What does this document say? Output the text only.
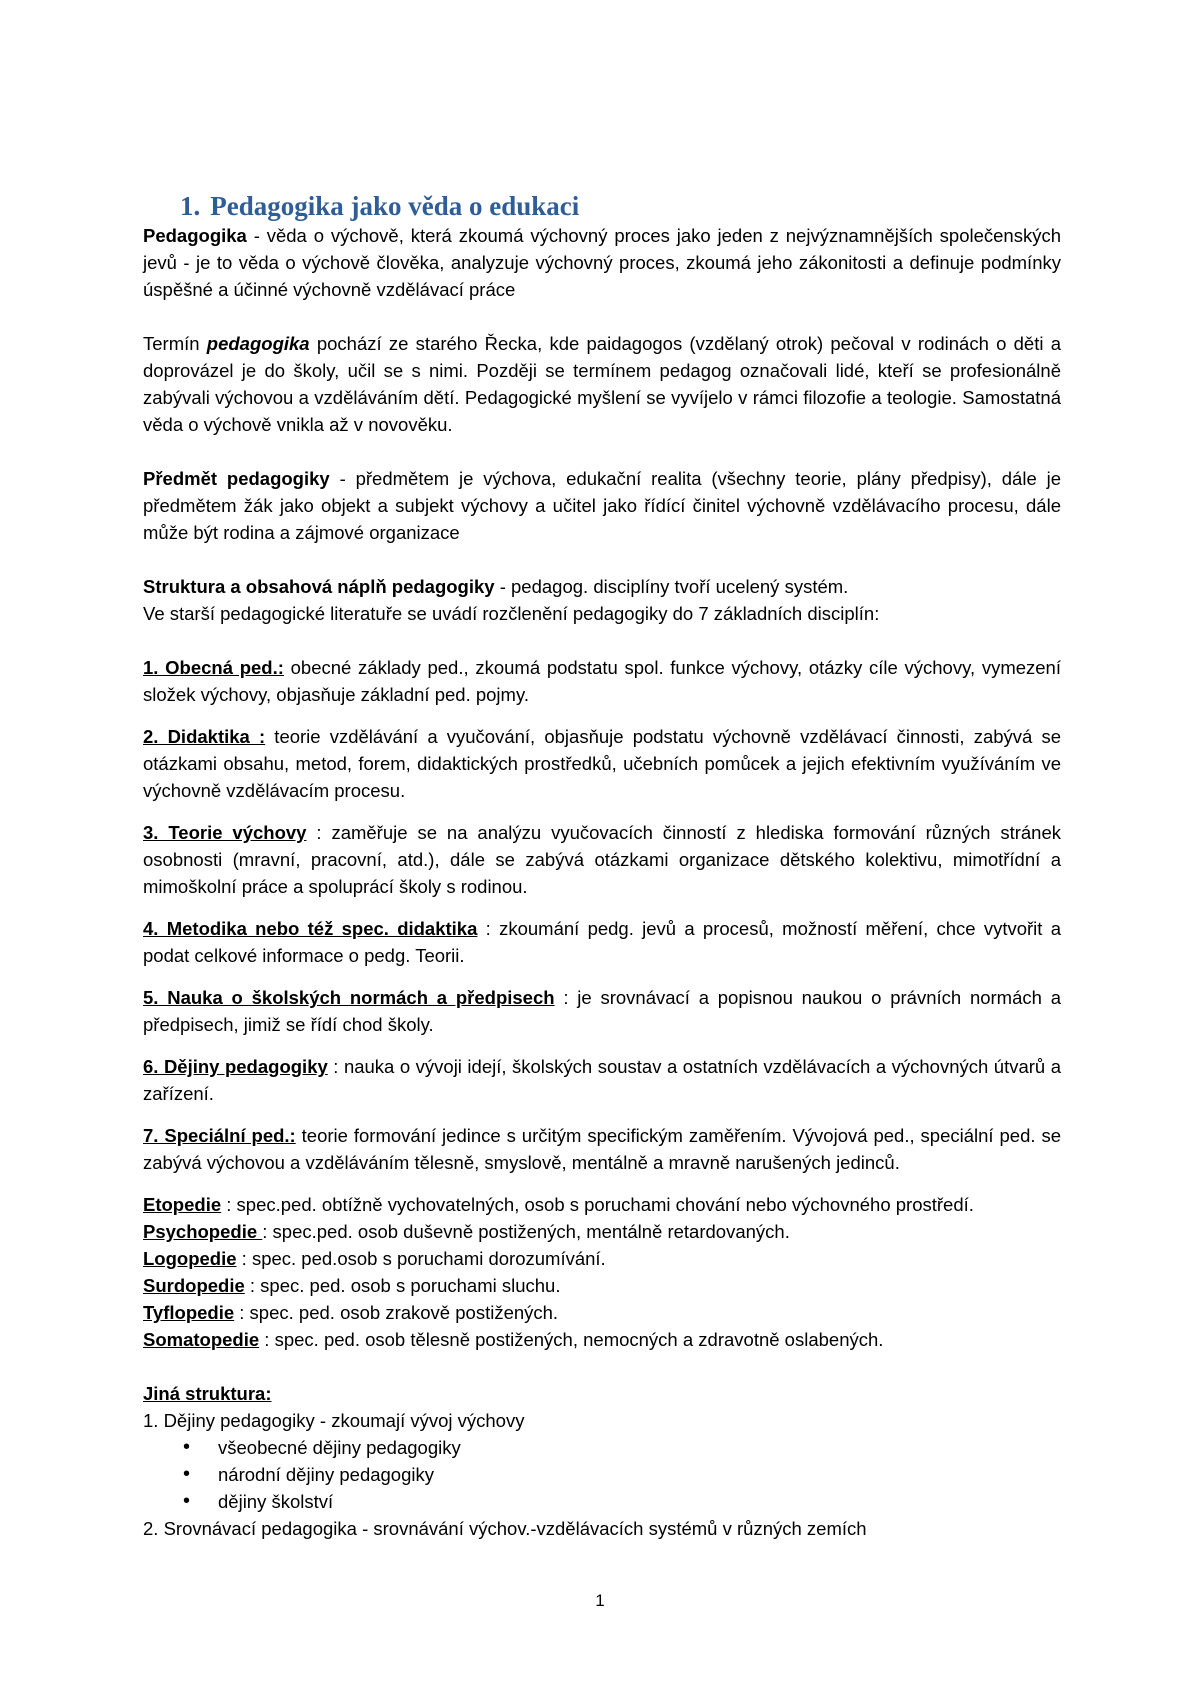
1. Pedagogika jako věda o edukaci

Pedagogika - věda o výchově, která zkoumá výchovný proces jako jeden z nejvýznamnějších společenských jevů - je to věda o výchově člověka, analyzuje výchovný proces, zkoumá jeho zákonitosti a definuje podmínky úspěšné a účinné výchovně vzdělávací práce

Termín pedagogika pochází ze starého Řecka, kde paidagogos (vzdělaný otrok) pečoval v rodinách o děti a doprovázel je do školy, učil se s nimi. Později se termínem pedagog označovali lidé, kteří se profesionálně zabývali výchovou a vzděláváním dětí. Pedagogické myšlení se vyvíjelo v rámci filozofie a teologie. Samostatná věda o výchově vnikla až v novověku.

Předmět pedagogiky - předmětem je výchova, edukační realita (všechny teorie, plány předpisy), dále je předmětem žák jako objekt a subjekt výchovy a učitel jako řídící činitel výchovně vzdělávacího procesu, dále může být rodina a zájmové organizace

Struktura a obsahová náplň pedagogiky - pedagog. disciplíny tvoří ucelený systém.

Ve starší pedagogické literatuře se uvádí rozčlenění pedagogiky do 7 základních disciplín:

1. Obecná ped.: obecné základy ped., zkoumá podstatu spol. funkce výchovy, otázky cíle výchovy, vymezení složek výchovy, objasňuje základní ped. pojmy.

2. Didaktika : teorie vzdělávání a vyučování, objasňuje podstatu výchovně vzdělávací činnosti, zabývá se otázkami obsahu, metod, forem, didaktických prostředků, učebních pomůcek a jejich efektivním využíváním ve výchovně vzdělávacím procesu.

3. Teorie výchovy : zaměřuje se na analýzu vyučovacích činností z hlediska formování různých stránek osobnosti (mravní, pracovní, atd.), dále se zabývá otázkami organizace dětského kolektivu, mimotřídní a mimoškolní práce a spoluprácí školy s rodinou.

4. Metodika nebo též spec. didaktika : zkoumání pedg. jevů a procesů, možností měření, chce vytvořit a podat celkové informace o pedg. Teorii.

5. Nauka o školských normách a předpisech : je srovnávací a popisnou naukou o právních normách a předpisech, jimiž se řídí chod školy.

6. Dějiny pedagogiky : nauka o vývoji idejí, školských soustav a ostatních vzdělávacích a výchovných útvarů a zařízení.

7. Speciální ped.: teorie formování jedince s určitým specifickým zaměřením. Vývojová ped., speciální ped. se zabývá výchovou a vzděláváním tělesně, smyslově, mentálně a mravně narušených jedinců.

Etopedie : spec.ped. obtížně vychovatelných, osob s poruchami chování nebo výchovného prostředí.

Psychopedie : spec.ped. osob duševně postižených, mentálně retardovaných.

Logopedie : spec. ped.osob s poruchami dorozumívání.

Surdopedie : spec. ped. osob s poruchami sluchu.

Tyflopedie : spec. ped. osob zrakově postižených.

Somatopedie : spec. ped. osob tělesně postižených, nemocných a zdravotně oslabených.

Jiná struktura:

1. Dějiny pedagogiky - zkoumají vývoj výchovy

• všeobecné dějiny pedagogiky
• národní dějiny pedagogiky
• dějiny školství

2. Srovnávací pedagogika - srovnávání výchov.-vzdělávacích systémů v různých zemích

1
